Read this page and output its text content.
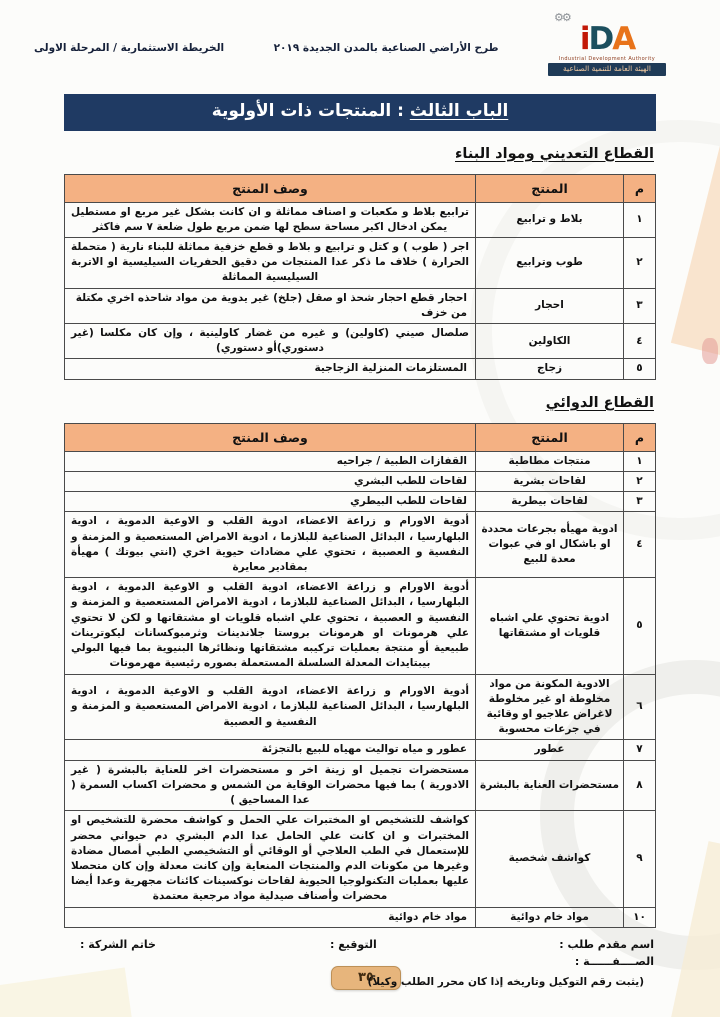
⚙⚙
iDA
Industrial Development Authority
الهيئة العامة للتنمية الصناعية
طرح الأراضي الصناعية بالمدن الجديدة ٢٠١٩
الخريطة الاستثمارية / المرحلة الاولى
الباب الثالث : المنتجات ذات الأولوية
القطاع التعديني ومواد البناء
م	المنتج	وصف المنتج
١	بلاط و ترابيع	ترابيع بلاط و مكعبات و اصناف مماثلة و ان كانت بشكل غير مربع او مستطيل يمكن ادخال اكبر مساحة سطح لها ضمن مربع طول ضلعة ٧ سم فاكثر
٢	طوب وترابيع	اجر ( طوب ) و كتل و ترابيع و بلاط و قطع خزفية مماثلة للبناء نارية ( متحملة الحرارة ) خلاف ما ذكر عدا المنتجات من دقيق الحفريات السيليسية او الاتربة السيليسية المماثلة
٣	احجار	احجار قطع احجار شحذ او صقل (جلخ) غير يدوية من مواد شاحذه اخري مكتلة من خزف
٤	الكاولين	صلصال صيني (كاولين) و غيره من غضار كاولينية ، وإن كان مكلسا (غير دستوري)أو دستوري)
٥	زجاج	المستلزمات المنزلية الزجاجية
القطاع الدوائي
م	المنتج	وصف المنتج
١	منتجات مطاطية	القفازات الطبية / جراحيه
٢	لقاحات بشرية	لقاحات للطب البشري
٣	لقاحات بيطرية	لقاحات للطب البيطري
٤	ادوية مهيأه بجرعات محددة او باشكال او في عبوات معدة للبيع	أدوية الاورام و زراعة الاعضاء، ادوية القلب و الاوعية الدموية ، ادوية البلهارسيا ، البدائل الصناعية للبلازما ، ادوية الامراض المستعصية و المزمنة و النفسية و العصبية ، تحتوي علي مضادات حيوية اخري (انتي بيوتك ) مهيأة بمقادير معايرة
٥	ادوية تحتوي علي اشباه قلويات او مشتقاتها	أدوية الاورام و زراعة الاعضاء، ادوية القلب و الاوعية الدموية ، ادوية البلهارسيا ، البدائل الصناعية للبلازما ، ادوية الامراض المستعصية و المزمنة و النفسية و العصبية ، تحتوي علي اشباه قلويات او مشتقاتها و لكن لا تحتوي علي هرمونات او هرمونات بروستا جلاندينات وثرمبوكسانات ليكوترينات طبيعية أو منتجة بعمليات تركيبه مشتقاتها ونظائرها البنيوية بما فيها البولي بيبتايدات المعدلة السلسلة المستعملة بصوره رئيسية مهرمونات
٦	الادوية المكونة من مواد مخلوطة او غير مخلوطة لاغراض علاجيو او وقائية في جرعات محسوبة	أدوية الاورام و زراعة الاعضاء، ادوية القلب و الاوعية الدموية ، ادوية البلهارسيا ، البدائل الصناعية للبلازما ، ادوية الامراض المستعصية و المزمنة و النفسية و العصبية
٧	عطور	عطور و مياه تواليت مهياه للبيع بالتجزئة
٨	مستحضرات العناية بالبشرة	مستحضرات تجميل او زينة اخر و مستحضرات اخر للعناية بالبشرة ( غير الادورية ) بما فيها محضرات الوقاية من الشمس و محضرات اكساب السمرة ( عدا المساحيق )
٩	كواشف شخصية	كواشف للتشخيص او المختبرات علي الحمل و كواشف محضرة للتشخيص او المختبرات و ان كانت علي الحامل عدا الدم البشري دم حيواني محضر للإستعمال في الطب العلاجي أو الوقائي أو التشخيصي الطبي أمصال مضادة وغيرها من مكونات الدم والمنتجات المنعاية وإن كانت معدلة وإن كان متحصلا عليها بعمليات التكنولوجيا الحيوية لقاحات نوكسينات كائنات مجهرية وعدا أيضا محضرات وأصناف صيدلية مواد مرجعية معتمدة
١٠	مواد خام دوائية	مواد خام دوائية
اسم مقدم طلب :
الصــــفــــــة :
التوقيع :
خاتم الشركة :
٣٥
(يثبت رقم التوكيل وتاريخه إذا كان محرر الطلب وكيلاً)
